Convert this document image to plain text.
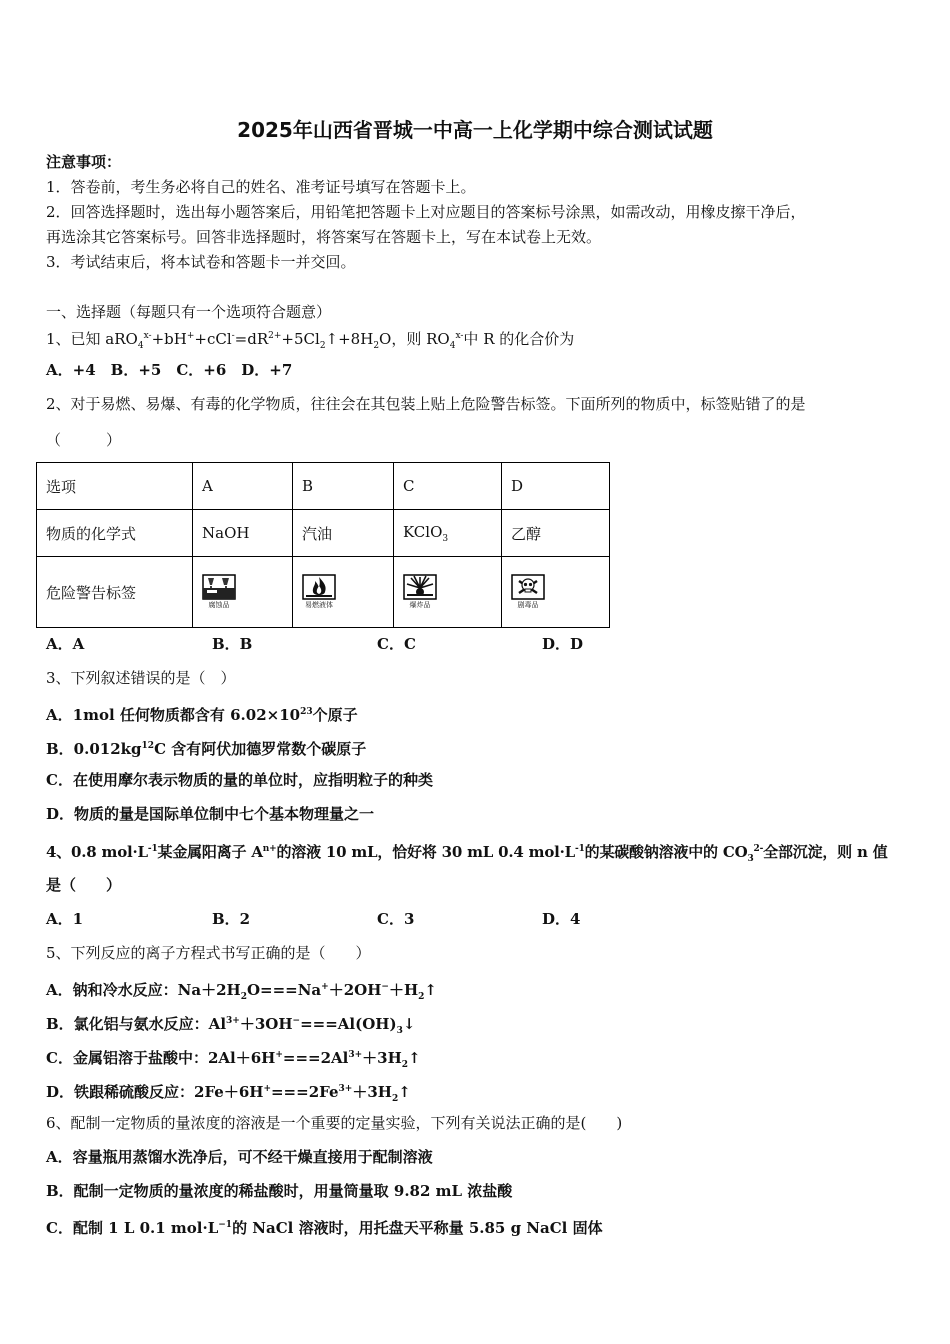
2025年山西省晋城一中高一上化学期中综合测试试题
注意事项：
1．答卷前，考生务必将自己的姓名、准考证号填写在答题卡上。
2．回答选择题时，选出每小题答案后，用铅笔把答题卡上对应题目的答案标号涂黑，如需改动，用橡皮擦干净后，
再选涂其它答案标号。回答非选择题时，将答案写在答题卡上，写在本试卷上无效。
3．考试结束后，将本试卷和答题卡一并交回。
一、选择题（每题只有一个选项符合题意）
1、已知 $aRO_4^{x-}+bH^++cCl^-=dR^{2+}+5Cl_2↑+8H_2O$，则 $RO_4^{x-}$中 R 的化合价为
A．+4　B．+5　C．+6　D．+7
2、对于易燃、易爆、有毒的化学物质，往往会在其包装上贴上危险警告标签。下面所列的物质中，标签贴错了的是
（　　　）
选项	A	B	C	D
物质的化学式	NaOH	汽油	KClO$_3$	乙醇
危险警告标签	腐蚀品	易燃液体	爆炸品	剧毒品
A．A	B．B	C．C	D．D
3、下列叙述错误的是（　）
A．1mol 任何物质都含有 $6.02\times 10^{23}$个原子
B．$0.012kg^{12}C$ 含有阿伏加德罗常数个碳原子
C．在使用摩尔表示物质的量的单位时，应指明粒子的种类
D．物质的量是国际单位制中七个基本物理量之一
4、0.8 $mol\cdot L^{-1}$某金属阳离子 $A^{n+}$的溶液 10 mL，恰好将 30 mL 0.4 $mol\cdot L^{-1}$的某碳酸钠溶液中的 $CO_3^{2-}$全部沉淀，则 n 值
是（　　）
A．1	B．2	C．3	D．4
5、下列反应的离子方程式书写正确的是（　　）
A．钠和冷水反应：$Na+2H_2O===Na^++2OH^-+H_2↑$
B．氯化铝与氨水反应：$Al^{3+}+3OH^-===Al(OH)_3↓$
C．金属铝溶于盐酸中：$2Al+6H^+===2Al^{3+}+3H_2↑$
D．铁跟稀硫酸反应：$2Fe+6H^+===2Fe^{3+}+3H_2↑$
6、配制一定物质的量浓度的溶液是一个重要的定量实验，下列有关说法正确的是(　　)
A．容量瓶用蒸馏水洗净后，可不经干燥直接用于配制溶液
B．配制一定物质的量浓度的稀盐酸时，用量筒量取 9.82 mL 浓盐酸
C．配制 1 L 0.1 $mol\cdot L^{-1}$的 NaCl 溶液时，用托盘天平称量 5.85 g NaCl 固体
